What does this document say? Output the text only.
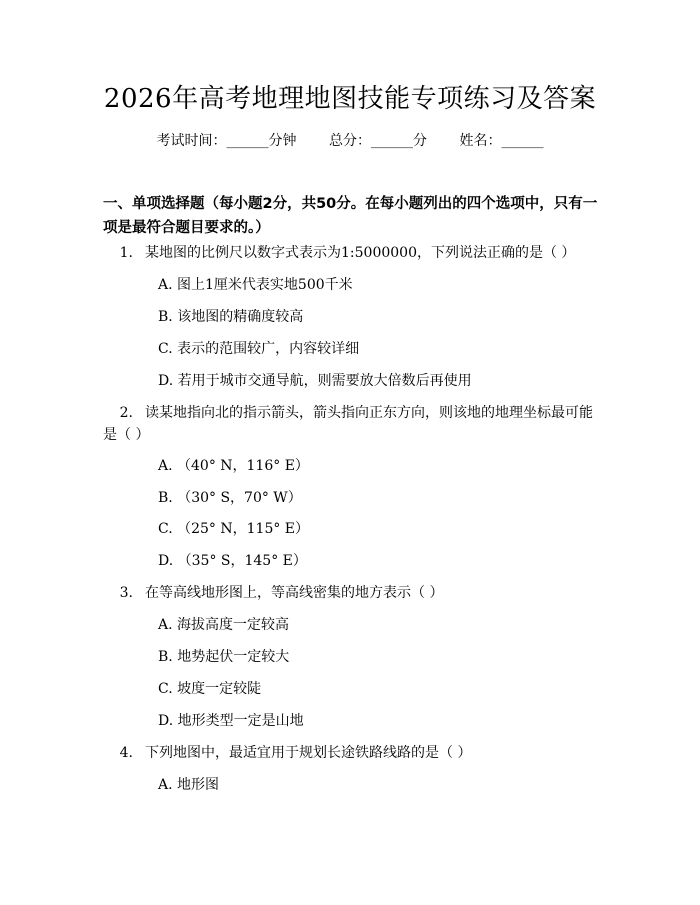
2026年高考地理地图技能专项练习及答案
考试时间：______分钟 总分：______分 姓名：______
一、单项选择题（每小题2分，共50分。在每小题列出的四个选项中，只有一项是最符合题目要求的。）
1. 某地图的比例尺以数字式表示为1:5000000，下列说法正确的是（ ）
A. 图上1厘米代表实地500千米
B. 该地图的精确度较高
C. 表示的范围较广，内容较详细
D. 若用于城市交通导航，则需要放大倍数后再使用
2. 读某地指向北的指示箭头，箭头指向正东方向，则该地的地理坐标最可能
是（ ）
A. （40° N，116° E）
B. （30° S，70° W）
C. （25° N，115° E）
D. （35° S，145° E）
3. 在等高线地形图上，等高线密集的地方表示（ ）
A. 海拔高度一定较高
B. 地势起伏一定较大
C. 坡度一定较陡
D. 地形类型一定是山地
4. 下列地图中，最适宜用于规划长途铁路线路的是（ ）
A. 地形图
